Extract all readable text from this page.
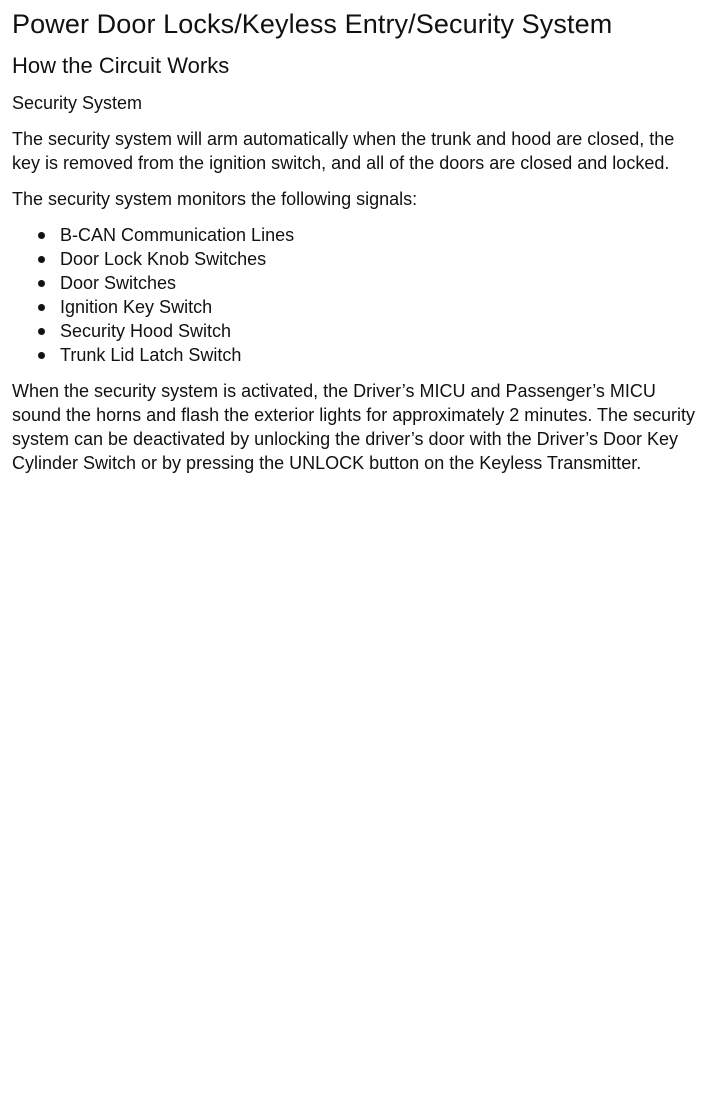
Power Door Locks/Keyless Entry/Security System
How the Circuit Works
Security System

The security system will arm automatically when the trunk and hood are closed, the key is removed from the ignition switch, and all of the doors are closed and locked.

The security system monitors the following signals:

B-CAN Communication Lines
Door Lock Knob Switches
Door Switches
Ignition Key Switch
Security Hood Switch
Trunk Lid Latch Switch

When the security system is activated, the Driver’s MICU and Passenger’s MICU sound the horns and flash the exterior lights for approximately 2 minutes. The security system can be deactivated by unlocking the driver’s door with the Driver’s Door Key Cylinder Switch or by pressing the UNLOCK button on the Keyless Transmitter.
